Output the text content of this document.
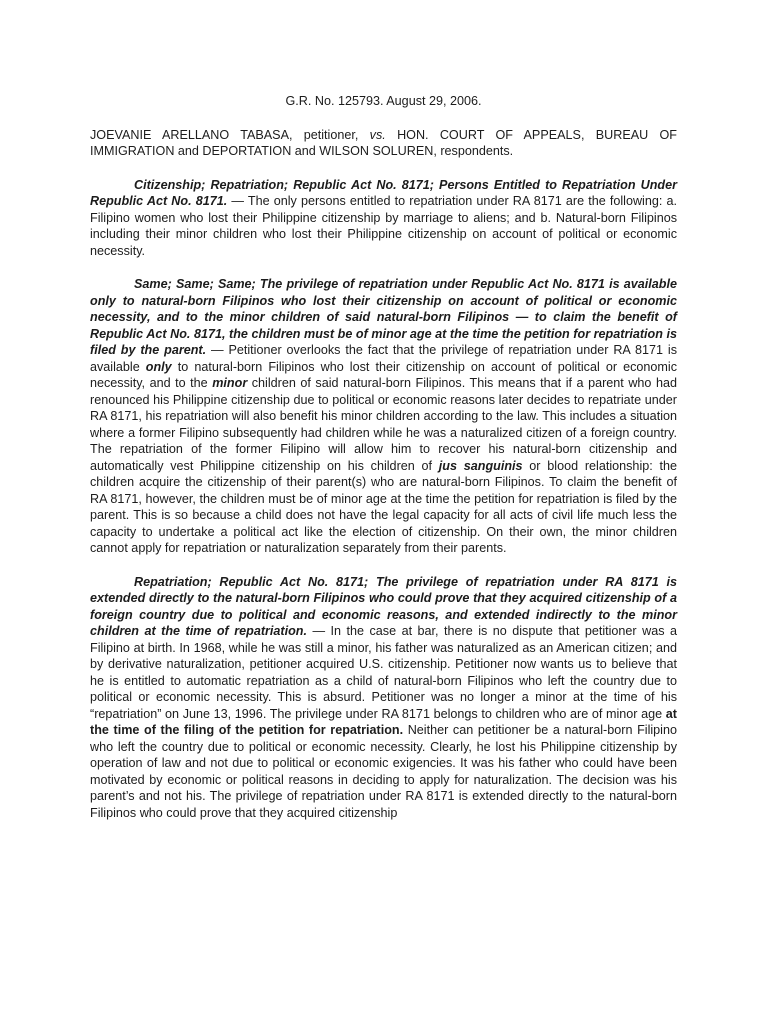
G.R. No. 125793. August 29, 2006.

JOEVANIE ARELLANO TABASA, petitioner, vs. HON. COURT OF APPEALS, BUREAU OF IMMIGRATION and DEPORTATION and WILSON SOLUREN, respondents.

Citizenship; Repatriation; Republic Act No. 8171; Persons Entitled to Repatriation Under Republic Act No. 8171. — The only persons entitled to repatriation under RA 8171 are the following: a. Filipino women who lost their Philippine citizenship by marriage to aliens; and b. Natural-born Filipinos including their minor children who lost their Philippine citizenship on account of political or economic necessity.

Same; Same; Same; The privilege of repatriation under Republic Act No. 8171 is available only to natural-born Filipinos who lost their citizenship on account of political or economic necessity, and to the minor children of said natural-born Filipinos — to claim the benefit of Republic Act No. 8171, the children must be of minor age at the time the petition for repatriation is filed by the parent. — Petitioner overlooks the fact that the privilege of repatriation under RA 8171 is available only to natural-born Filipinos who lost their citizenship on account of political or economic necessity, and to the minor children of said natural-born Filipinos. This means that if a parent who had renounced his Philippine citizenship due to political or economic reasons later decides to repatriate under RA 8171, his repatriation will also benefit his minor children according to the law. This includes a situation where a former Filipino subsequently had children while he was a naturalized citizen of a foreign country. The repatriation of the former Filipino will allow him to recover his natural-born citizenship and automatically vest Philippine citizenship on his children of jus sanguinis or blood relationship: the children acquire the citizenship of their parent(s) who are natural-born Filipinos. To claim the benefit of RA 8171, however, the children must be of minor age at the time the petition for repatriation is filed by the parent. This is so because a child does not have the legal capacity for all acts of civil life much less the capacity to undertake a political act like the election of citizenship. On their own, the minor children cannot apply for repatriation or naturalization separately from their parents.

Repatriation; Republic Act No. 8171; The privilege of repatriation under RA 8171 is extended directly to the natural-born Filipinos who could prove that they acquired citizenship of a foreign country due to political and economic reasons, and extended indirectly to the minor children at the time of repatriation. — In the case at bar, there is no dispute that petitioner was a Filipino at birth. In 1968, while he was still a minor, his father was naturalized as an American citizen; and by derivative naturalization, petitioner acquired U.S. citizenship. Petitioner now wants us to believe that he is entitled to automatic repatriation as a child of natural-born Filipinos who left the country due to political or economic necessity. This is absurd. Petitioner was no longer a minor at the time of his “repatriation” on June 13, 1996. The privilege under RA 8171 belongs to children who are of minor age at the time of the filing of the petition for repatriation. Neither can petitioner be a natural-born Filipino who left the country due to political or economic necessity. Clearly, he lost his Philippine citizenship by operation of law and not due to political or economic exigencies. It was his father who could have been motivated by economic or political reasons in deciding to apply for naturalization. The decision was his parent’s and not his. The privilege of repatriation under RA 8171 is extended directly to the natural-born Filipinos who could prove that they acquired citizenship
